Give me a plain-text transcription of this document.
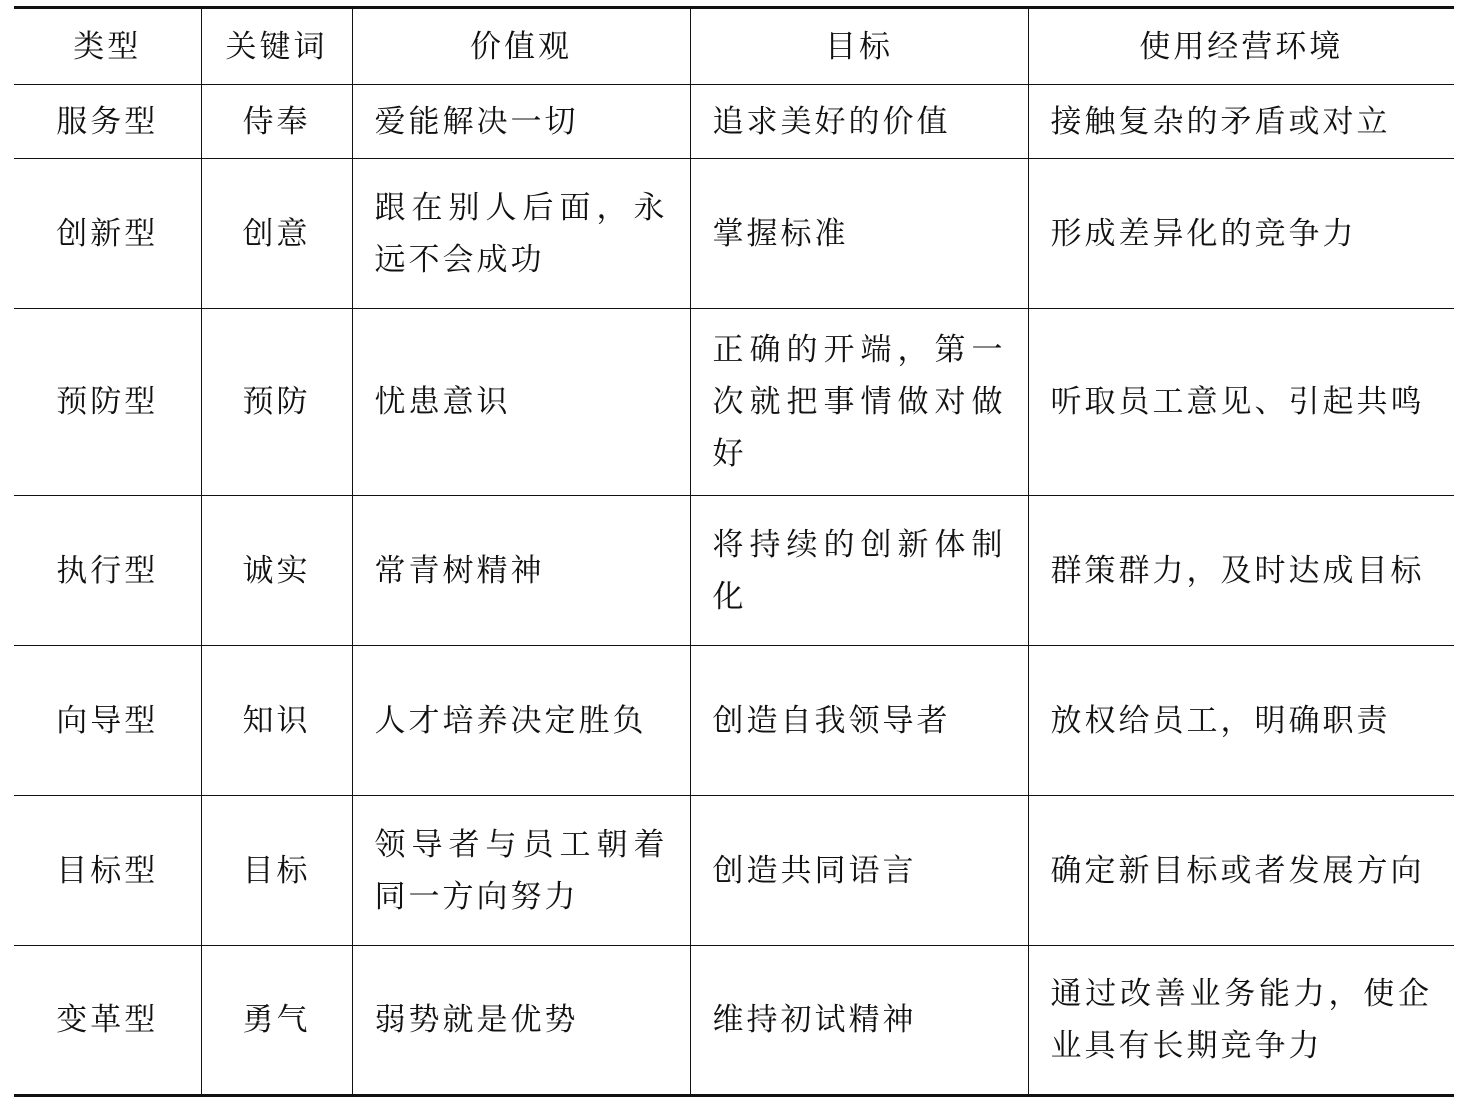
类型	关键词	价值观	目标	使用经营环境
服务型	侍奉	爱能解决一切	追求美好的价值	接触复杂的矛盾或对立
创新型	创意	跟在别人后面，永远不会成功	掌握标准	形成差异化的竞争力
预防型	预防	忧患意识	正确的开端，第一次就把事情做对做好	听取员工意见、引起共鸣
执行型	诚实	常青树精神	将持续的创新体制化	群策群力，及时达成目标
向导型	知识	人才培养决定胜负	创造自我领导者	放权给员工，明确职责
目标型	目标	领导者与员工朝着同一方向努力	创造共同语言	确定新目标或者发展方向
变革型	勇气	弱势就是优势	维持初试精神	通过改善业务能力，使企业具有长期竞争力
